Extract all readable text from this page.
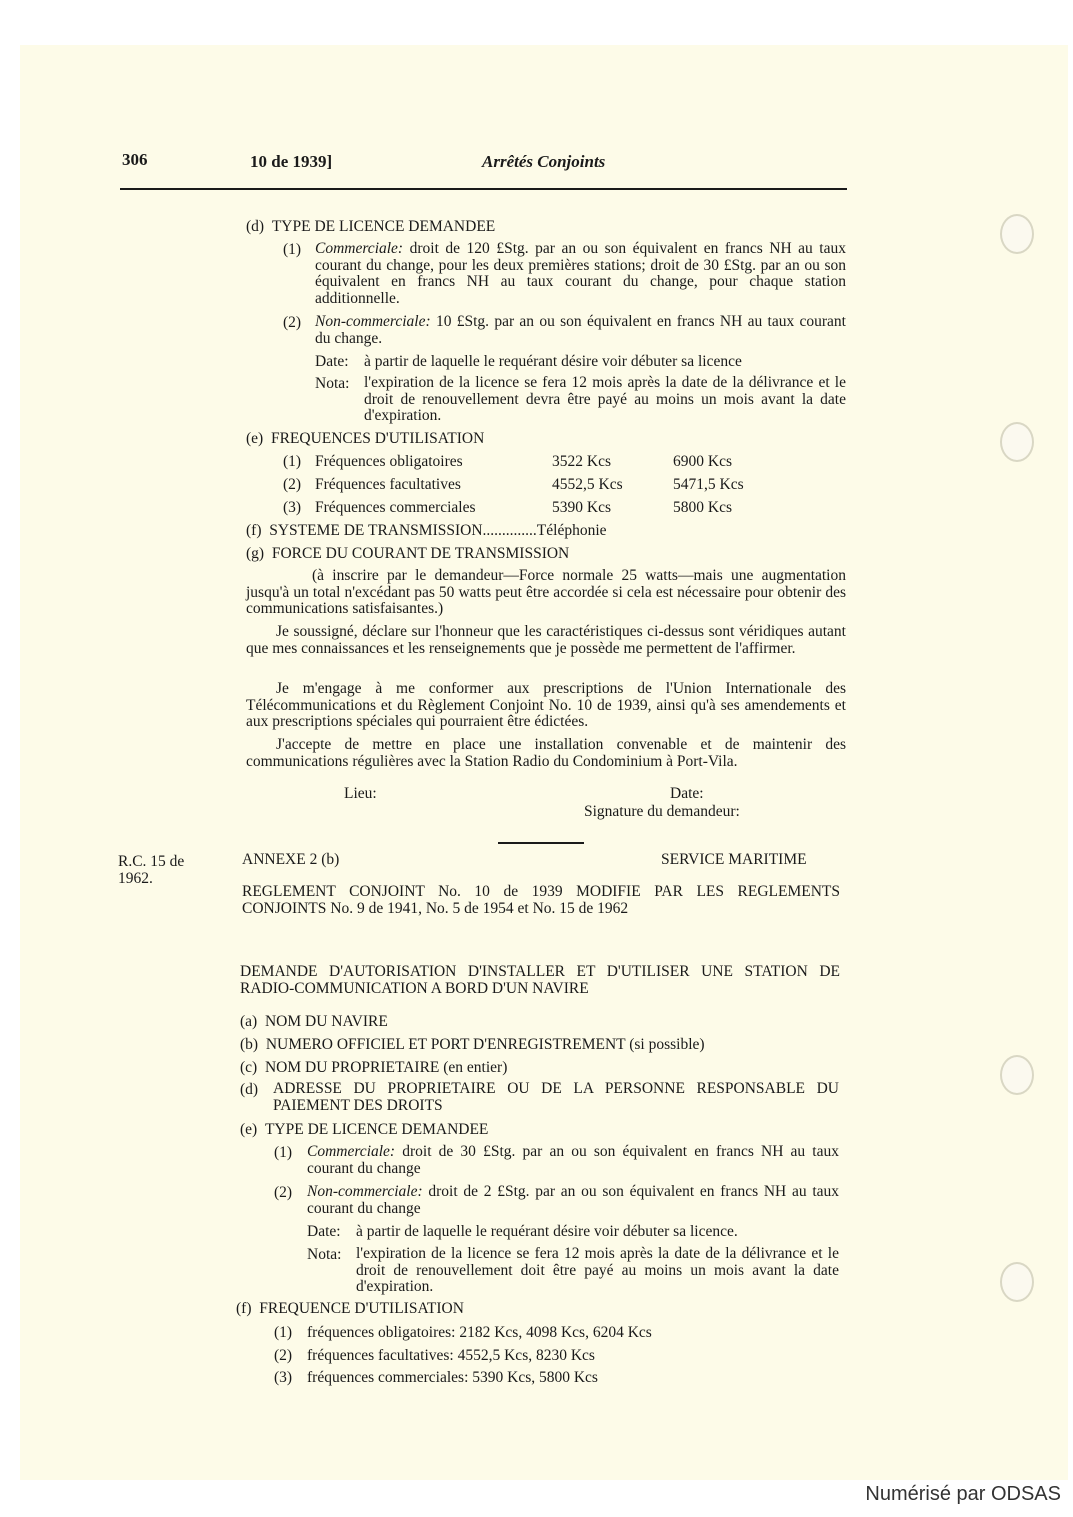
306	10 de 1939]	Arrêtés Conjoints
(d)  TYPE DE LICENCE DEMANDEE
(1) Commerciale: droit de 120 £Stg. par an ou son équivalent en francs NH au taux courant du change, pour les deux premières stations; droit de 30 £Stg. par an ou son équivalent en francs NH au taux courant du change, pour chaque station additionnelle.
(2) Non-commerciale: 10 £Stg. par an ou son équivalent en francs NH au taux courant du change.
Date: à partir de laquelle le requérant désire voir débuter sa licence
Nota: l'expiration de la licence se fera 12 mois après la date de la délivrance et le droit de renouvellement devra être payé au moins un mois avant la date d'expiration.
(e)  FREQUENCES D'UTILISATION
(1) Fréquences obligatoires	3522 Kcs	6900 Kcs
(2) Fréquences facultatives	4552,5 Kcs	5471,5 Kcs
(3) Fréquences commerciales	5390 Kcs	5800 Kcs
(f)  SYSTEME DE TRANSMISSION..............Téléphonie
(g)  FORCE DU COURANT DE TRANSMISSION
(à inscrire par le demandeur—Force normale 25 watts—mais une augmentation jusqu'à un total n'excédant pas 50 watts peut être accordée si cela est nécessaire pour obtenir des communications satisfaisantes.)
Je soussigné, déclare sur l'honneur que les caractéristiques ci-dessus sont véridiques autant que mes connaissances et les renseignements que je possède me permettent de l'affirmer.
Je m'engage à me conformer aux prescriptions de l'Union Internationale des Télécommunications et du Règlement Conjoint No. 10 de 1939, ainsi qu'à ses amendements et aux prescriptions spéciales qui pourraient être édictées.
J'accepte de mettre en place une installation convenable et de maintenir des communications régulières avec la Station Radio du Condominium à Port-Vila.
Lieu:	Date:
Signature du demandeur:
R.C. 15 de
1962.
ANNEXE 2 (b)	SERVICE MARITIME
REGLEMENT CONJOINT No. 10 de 1939 MODIFIE PAR LES REGLEMENTS CONJOINTS No. 9 de 1941, No. 5 de 1954 et No. 15 de 1962
DEMANDE D'AUTORISATION D'INSTALLER ET D'UTILISER UNE STATION DE RADIO-COMMUNICATION A BORD D'UN NAVIRE
(a)  NOM DU NAVIRE
(b)  NUMERO OFFICIEL ET PORT D'ENREGISTREMENT (si possible)
(c)  NOM DU PROPRIETAIRE (en entier)
(d) ADRESSE DU PROPRIETAIRE OU DE LA PERSONNE RESPONSABLE DU PAIEMENT DES DROITS
(e)  TYPE DE LICENCE DEMANDEE
(1) Commerciale: droit de 30 £Stg. par an ou son équivalent en francs NH au taux courant du change
(2) Non-commerciale: droit de 2 £Stg. par an ou son équivalent en francs NH au taux courant du change
Date: à partir de laquelle le requérant désire voir débuter sa licence.
Nota: l'expiration de la licence se fera 12 mois après la date de la délivrance et le droit de renouvellement doit être payé au moins un mois avant la date d'expiration.
(f)  FREQUENCE D'UTILISATION
(1) fréquences obligatoires: 2182 Kcs, 4098 Kcs, 6204 Kcs
(2) fréquences facultatives: 4552,5 Kcs, 8230 Kcs
(3) fréquences commerciales: 5390 Kcs, 5800 Kcs
Numérisé par ODSAS
